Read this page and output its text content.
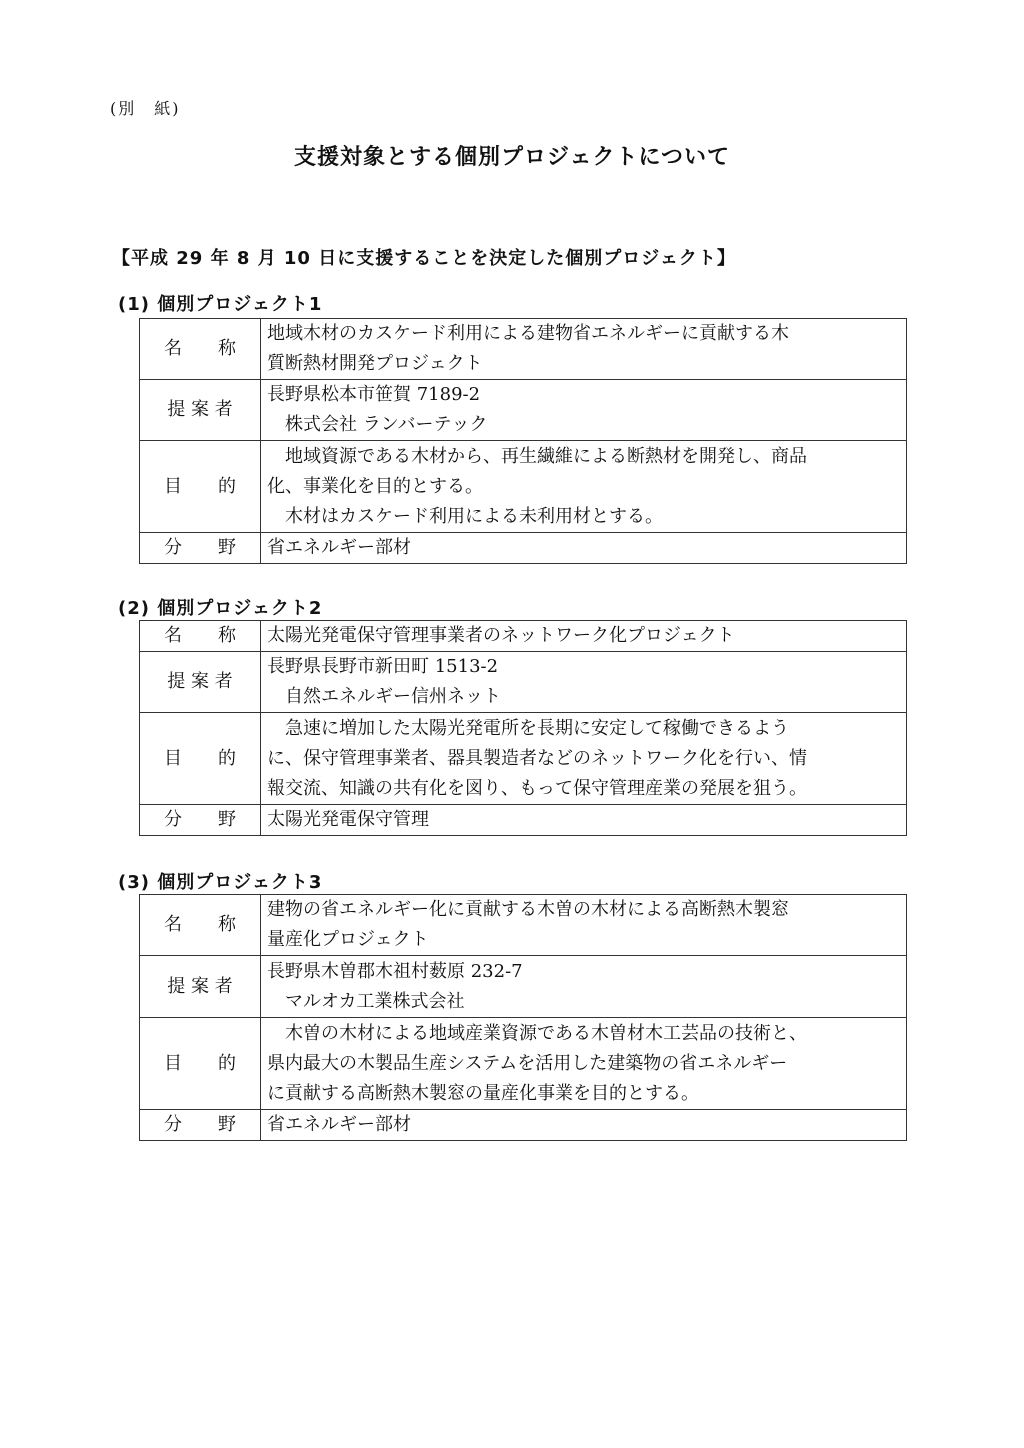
(別　紙)
支援対象とする個別プロジェクトについて
【平成 29 年 8 月 10 日に支援することを決定した個別プロジェクト】
(1) 個別プロジェクト1
名　　称	地域木材のカスケード利用による建物省エネルギーに貢献する木
質断熱材開発プロジェクト

提 案 者	長野県松本市笹賀 7189-2
株式会社 ランバーテック
目　　的	地域資源である木材から、再生繊維による断熱材を開発し、商品
化、事業化を目的とする。
木材はカスケード利用による未利用材とする。

分　　野	省エネルギー部材
(2) 個別プロジェクト2
名　　称	太陽光発電保守管理事業者のネットワーク化プロジェクト

提 案 者	長野県長野市新田町 1513-2
自然エネルギー信州ネット
目　　的	急速に増加した太陽光発電所を長期に安定して稼働できるよう
に、保守管理事業者、器具製造者などのネットワーク化を行い、情
報交流、知識の共有化を図り、もって保守管理産業の発展を狙う。

分　　野	太陽光発電保守管理
(3) 個別プロジェクト3
名　　称	建物の省エネルギー化に貢献する木曽の木材による高断熱木製窓
量産化プロジェクト

提 案 者	長野県木曽郡木祖村薮原 232-7
マルオカ工業株式会社
目　　的	木曽の木材による地域産業資源である木曽材木工芸品の技術と、
県内最大の木製品生産システムを活用した建築物の省エネルギー
に貢献する高断熱木製窓の量産化事業を目的とする。

分　　野	省エネルギー部材
